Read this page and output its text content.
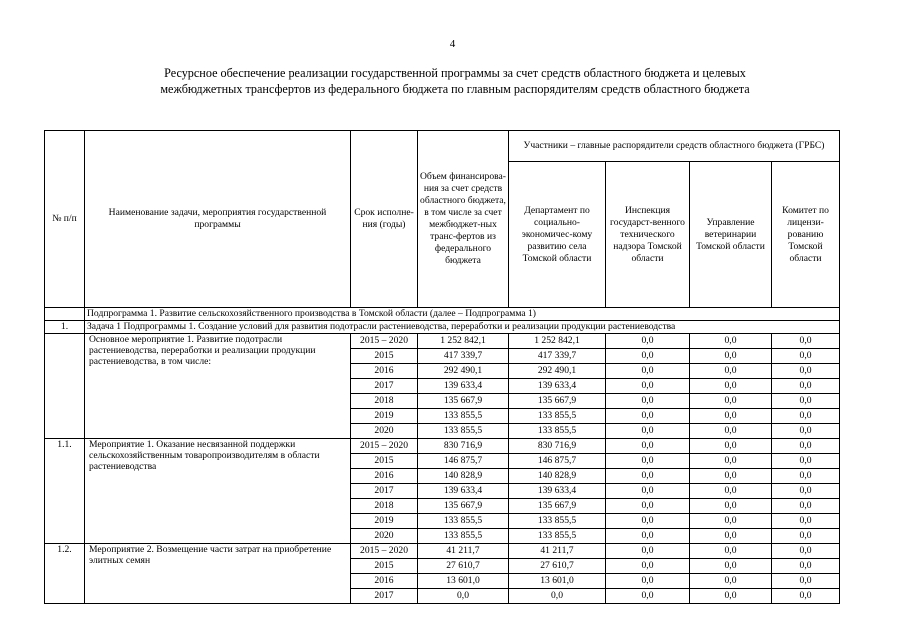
4
Ресурсное обеспечение реализации государственной программы за счет средств областного бюджета и целевых межбюджетных трансфертов из федерального бюджета по главным распорядителям средств областного бюджета
№ п/п	Наименование задачи, мероприятия государственной программы	Срок исполне-ния (годы)	Объем финансирова-ния за счет средств областного бюджета, в том числе за счет межбюджет-ных транс-фертов из федерального бюджета	Участники – главные распорядители средств областного бюджета (ГРБС)			
				Департамент по социально-экономичес-кому развитию села Томской области	Инспекция государст-венного технического надзора Томской области	Управление ветеринарии Томской области	Комитет по лицензи-рованию Томской области
	Подпрограмма 1. Развитие сельскохозяйственного производства в Томской области (далее – Подпрограмма 1)						
1.	Задача 1 Подпрограммы 1. Создание условий для развития подотрасли растениеводства, переработки и реализации продукции растениеводства						
	Основное мероприятие 1. Развитие подотрасли растениеводства, переработки и реализации продукции растениеводства, в том числе:	2015 – 2020	1 252 842,1	1 252 842,1	0,0	0,0	0,0
		2015	417 339,7	417 339,7	0,0	0,0	0,0
		2016	292 490,1	292 490,1	0,0	0,0	0,0
		2017	139 633,4	139 633,4	0,0	0,0	0,0
		2018	135 667,9	135 667,9	0,0	0,0	0,0
		2019	133 855,5	133 855,5	0,0	0,0	0,0
		2020	133 855,5	133 855,5	0,0	0,0	0,0
1.1.	Мероприятие 1. Оказание несвязанной поддержки сельскохозяйственным товаропроизводителям в области растениеводства	2015 – 2020	830 716,9	830 716,9	0,0	0,0	0,0
		2015	146 875,7	146 875,7	0,0	0,0	0,0
		2016	140 828,9	140 828,9	0,0	0,0	0,0
		2017	139 633,4	139 633,4	0,0	0,0	0,0
		2018	135 667,9	135 667,9	0,0	0,0	0,0
		2019	133 855,5	133 855,5	0,0	0,0	0,0
		2020	133 855,5	133 855,5	0,0	0,0	0,0
1.2.	Мероприятие 2. Возмещение части затрат на приобретение элитных семян	2015 – 2020	41 211,7	41 211,7	0,0	0,0	0,0
		2015	27 610,7	27 610,7	0,0	0,0	0,0
		2016	13 601,0	13 601,0	0,0	0,0	0,0
		2017	0,0	0,0	0,0	0,0	0,0
